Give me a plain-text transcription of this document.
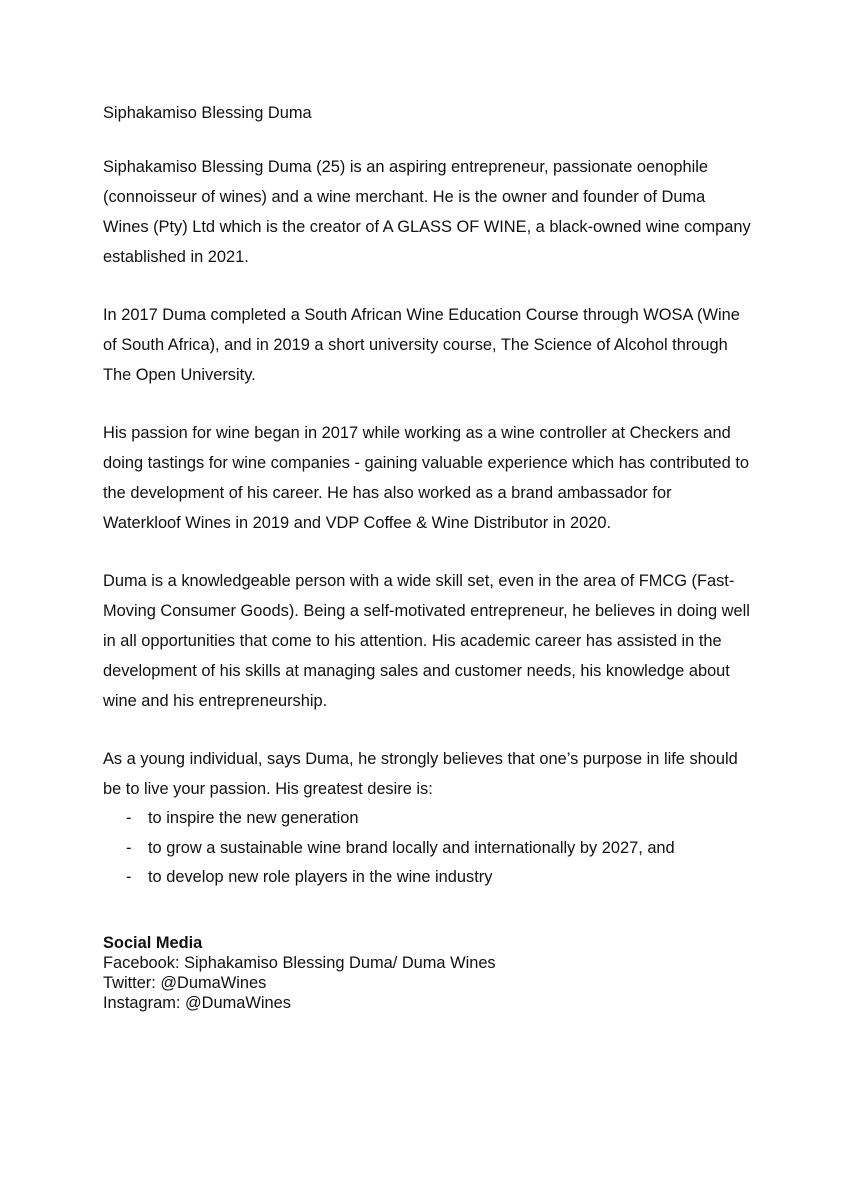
Siphakamiso Blessing Duma

Siphakamiso Blessing Duma (25) is an aspiring entrepreneur, passionate oenophile (connoisseur of wines) and a wine merchant. He is the owner and founder of Duma Wines (Pty) Ltd which is the creator of A GLASS OF WINE, a black-owned wine company established in 2021.

In 2017 Duma completed a South African Wine Education Course through WOSA (Wine of South Africa), and in 2019 a short university course, The Science of Alcohol through The Open University.

His passion for wine began in 2017 while working as a wine controller at Checkers and doing tastings for wine companies - gaining valuable experience which has contributed to the development of his career. He has also worked as a brand ambassador for Waterkloof Wines in 2019 and VDP Coffee & Wine Distributor in 2020.

Duma is a knowledgeable person with a wide skill set, even in the area of FMCG (Fast-Moving Consumer Goods). Being a self-motivated entrepreneur, he believes in doing well in all opportunities that come to his attention. His academic career has assisted in the development of his skills at managing sales and customer needs, his knowledge about wine and his entrepreneurship.

As a young individual, says Duma, he strongly believes that one’s purpose in life should be to live your passion. His greatest desire is:

- to inspire the new generation
- to grow a sustainable wine brand locally and internationally by 2027, and
- to develop new role players in the wine industry
Social Media
Facebook: Siphakamiso Blessing Duma/ Duma Wines
Twitter: @DumaWines
Instagram: @DumaWines
